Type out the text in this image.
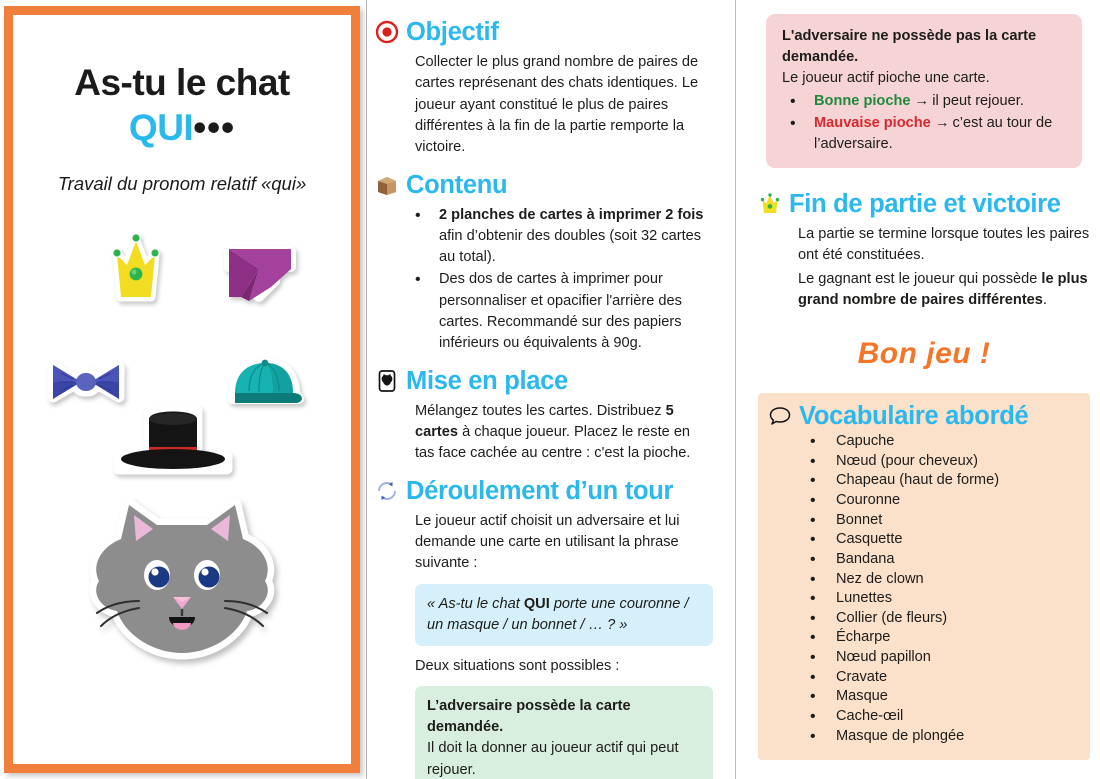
As-tu le chat
QUI•••
Travail du pronom relatif «qui»
Objectif

Collecter le plus grand nombre de paires de cartes représenant des chats identiques. Le joueur ayant constitué le plus de paires différentes à la fin de la partie remporte la victoire.

Contenu
• 2 planches de cartes à imprimer 2 fois afin d’obtenir des doubles (soit 32 cartes au total).
• Des dos de cartes à imprimer pour personnaliser et opacifier l'arrière des cartes. Recommandé sur des papiers inférieurs ou équivalents à 90g.
Mise en place

Mélangez toutes les cartes. Distribuez 5 cartes à chaque joueur. Placez le reste en tas face cachée au centre : c'est la pioche.

Déroulement d’un tour

Le joueur actif choisit un adversaire et lui demande une carte en utilisant la phrase suivante :

« As-tu le chat QUI porte une couronne / un masque / un bonnet / … ? »

Deux situations sont possibles :

L’adversaire possède la carte demandée.

Il doit la donner au joueur actif qui peut rejouer.

L'adversaire ne possède pas la carte demandée.

Le joueur actif pioche une carte.

• Bonne pioche → il peut rejouer.
• Mauvaise pioche → c’est au tour de l’adversaire.
Fin de partie et victoire

La partie se termine lorsque toutes les paires ont été constituées.

Le gagnant est le joueur qui possède le plus grand nombre de paires différentes.

Bon jeu !
Vocabulaire abordé
• Capuche
• Nœud (pour cheveux)
• Chapeau (haut de forme)
• Couronne
• Bonnet
• Casquette
• Bandana
• Nez de clown
• Lunettes
• Collier (de fleurs)
• Écharpe
• Nœud papillon
• Cravate
• Masque
• Cache-œil
• Masque de plongée
